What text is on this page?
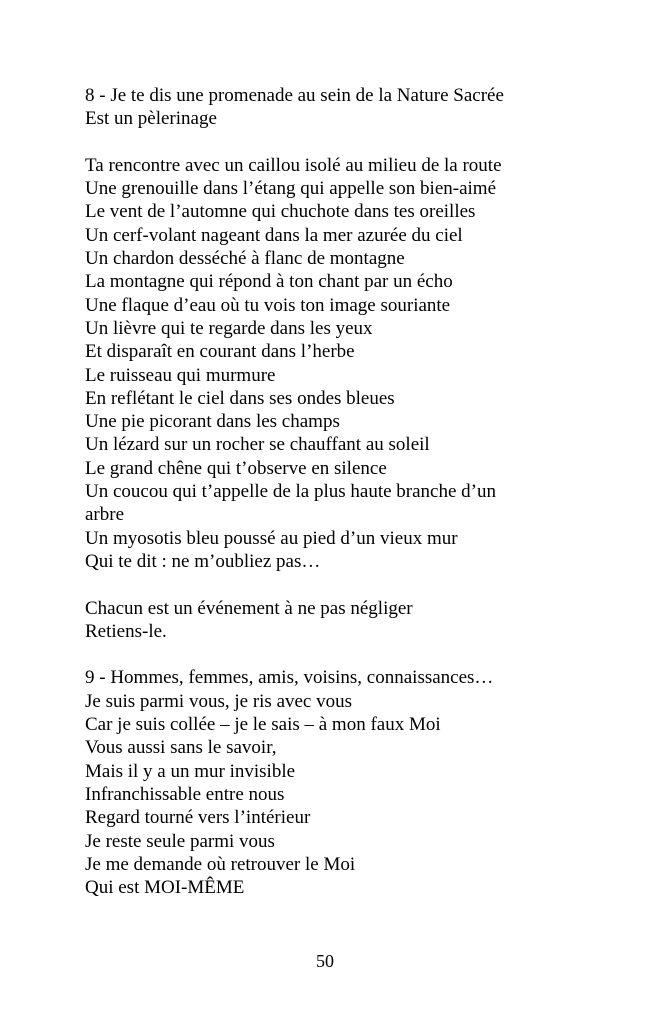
8 - Je te dis une promenade au sein de la Nature Sacrée
Est un pèlerinage
Ta rencontre avec un caillou isolé au milieu de la route
Une grenouille dans l’étang qui appelle son bien-aimé
Le vent de l’automne qui chuchote dans tes oreilles
Un cerf-volant nageant dans la mer azurée du ciel
Un chardon desséché à flanc de montagne
La montagne qui répond à ton chant par un écho
Une flaque d’eau où tu vois ton image souriante
Un lièvre qui te regarde dans les yeux
Et disparaît en courant dans l’herbe
Le ruisseau qui murmure
En reflétant le ciel dans ses ondes bleues
Une pie picorant dans les champs
Un lézard sur un rocher se chauffant au soleil
Le grand chêne qui t’observe en silence
Un coucou qui t’appelle de la plus haute branche d’un
arbre
Un myosotis bleu poussé au pied d’un vieux mur
Qui te dit : ne m’oubliez pas…
Chacun est un événement à ne pas négliger
Retiens-le.
9 - Hommes, femmes, amis, voisins, connaissances…
Je suis parmi vous, je ris avec vous
Car je suis collée – je le sais – à mon faux Moi
Vous aussi sans le savoir,
Mais il y a un mur invisible
Infranchissable entre nous
Regard tourné vers l’intérieur
Je reste seule parmi vous
Je me demande où retrouver le Moi
Qui est MOI-MÊME
50
